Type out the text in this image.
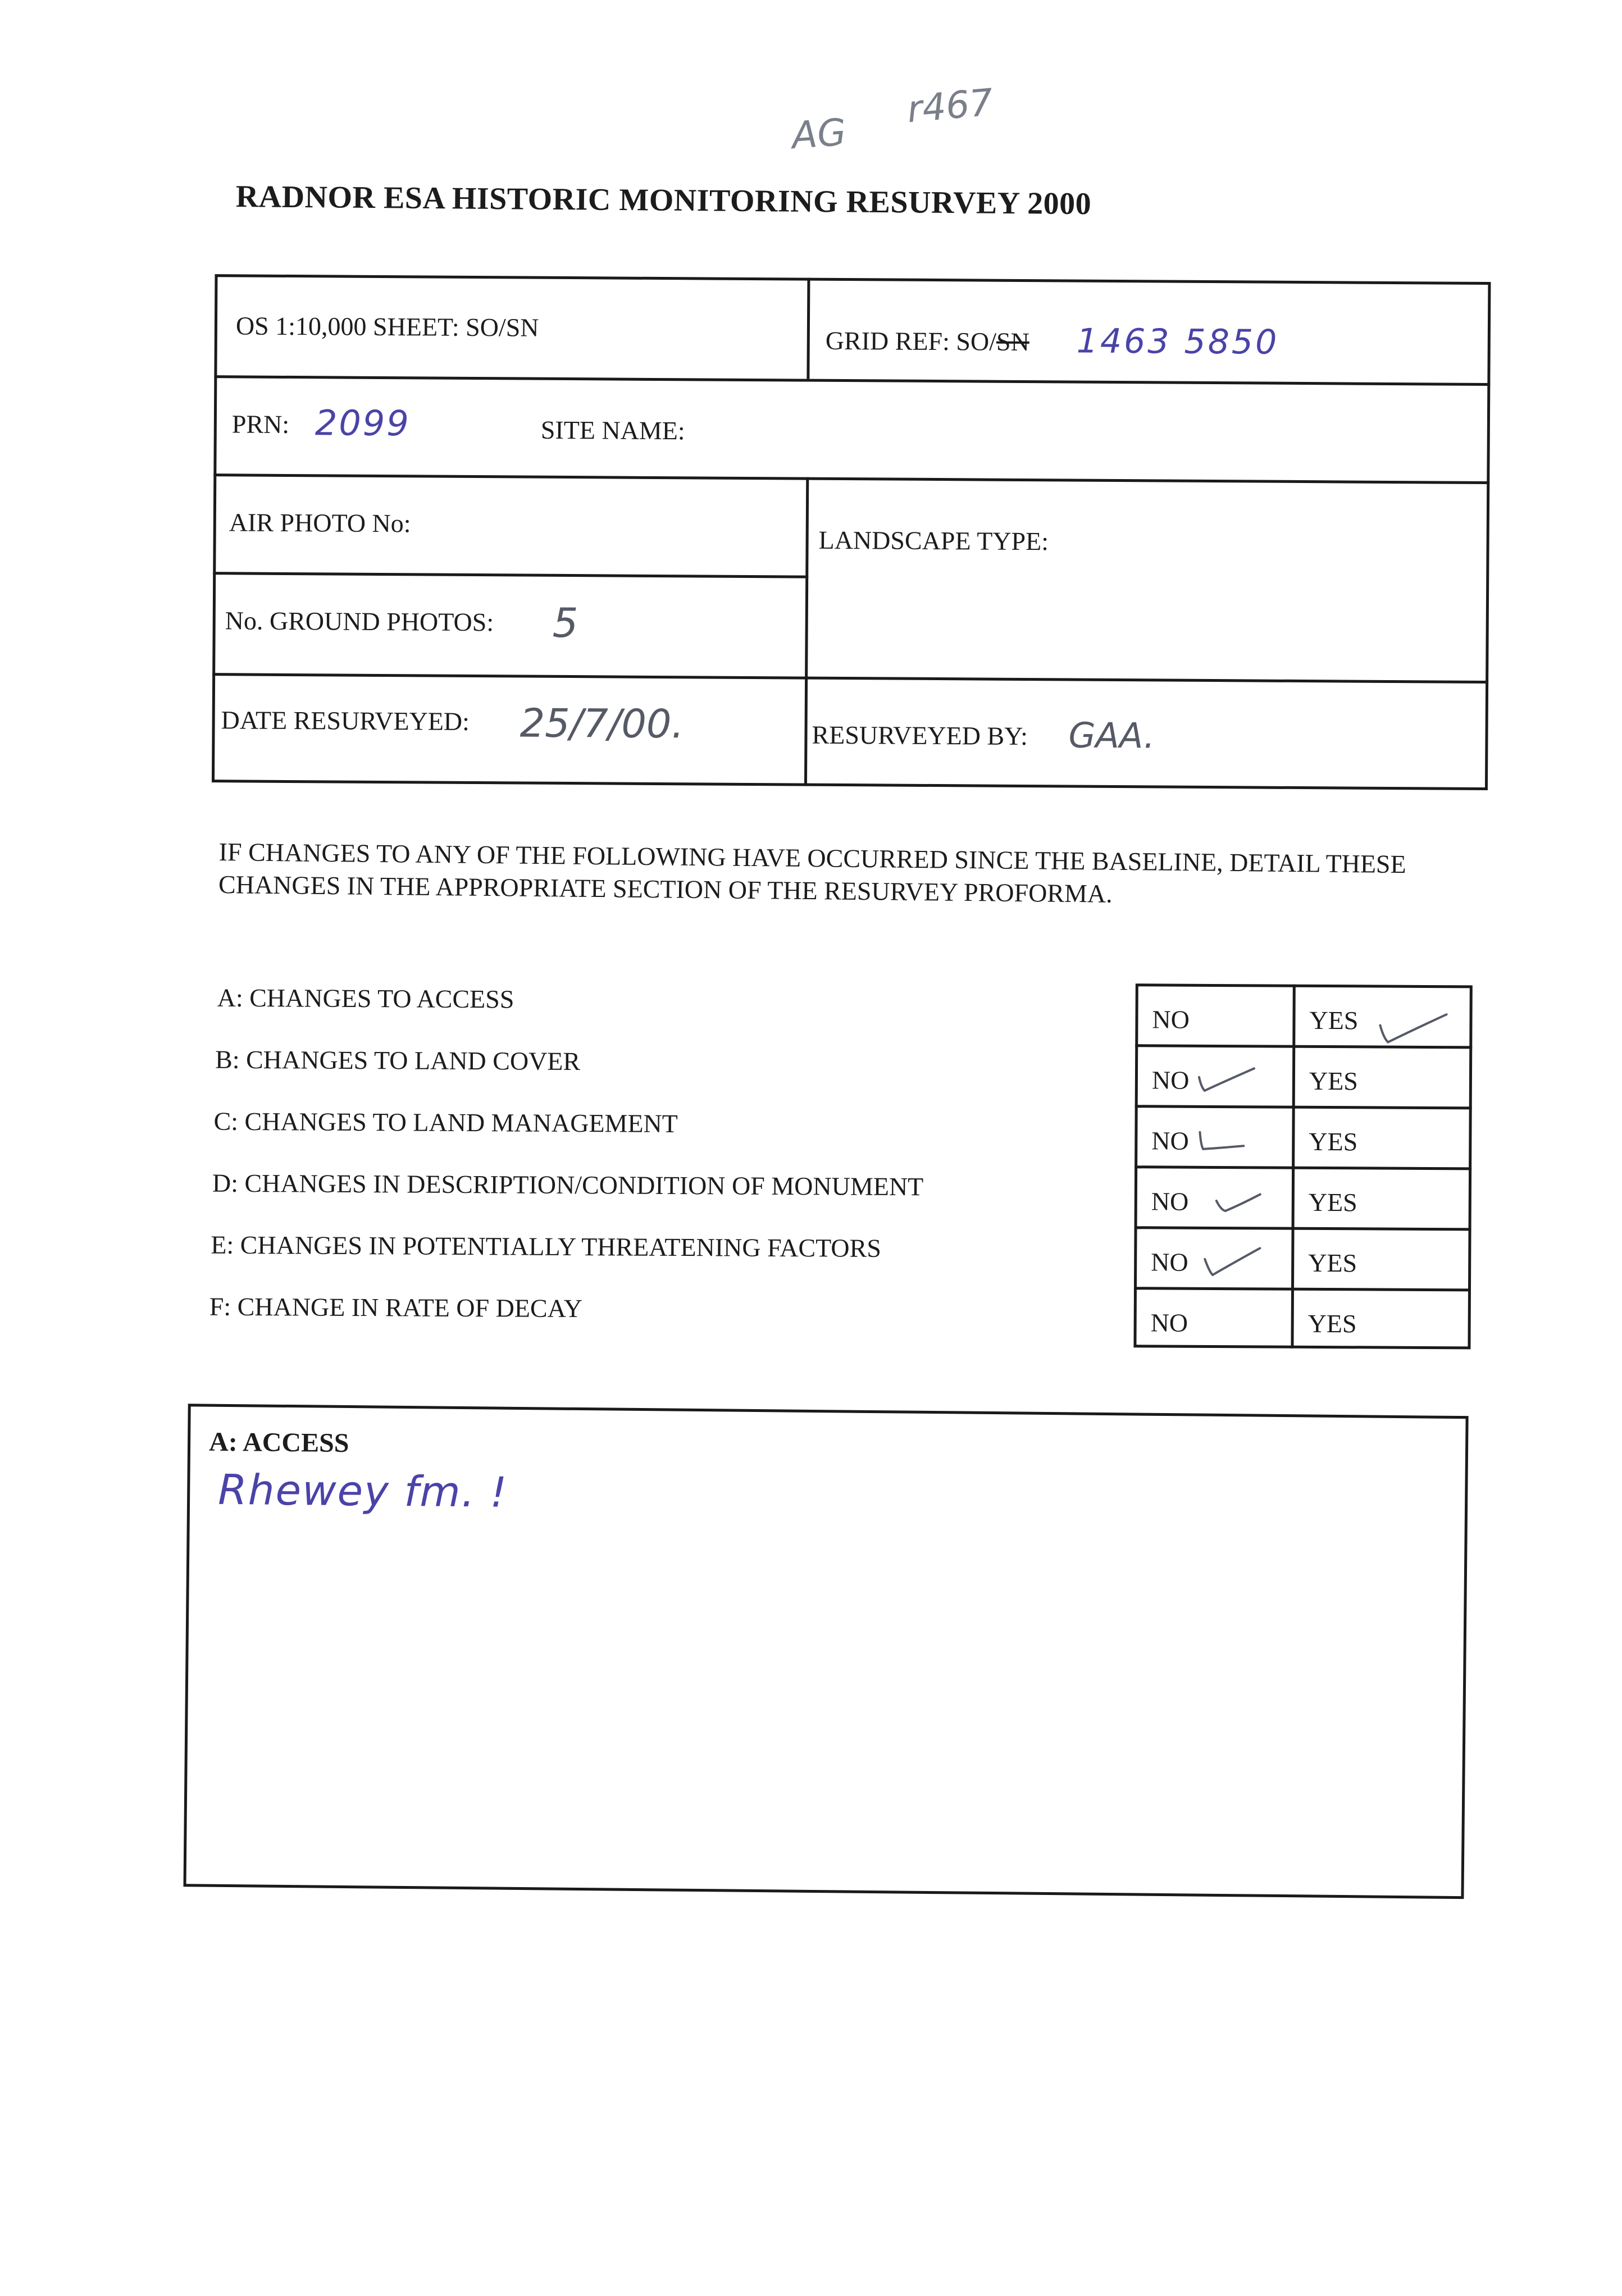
AG
r467
RADNOR ESA HISTORIC MONITORING RESURVEY 2000
OS 1:10,000 SHEET: SO/SN	GRID REF: SO/SN 1463 5850
PRN: 2099	SITE NAME:
AIR PHOTO No:
LANDSCAPE TYPE:
No. GROUND PHOTOS: 5
DATE RESURVEYED: 25/7/00.	RESURVEYED BY: GAA.
IF CHANGES TO ANY OF THE FOLLOWING HAVE OCCURRED SINCE THE BASELINE, DETAIL THESE CHANGES IN THE APPROPRIATE SECTION OF THE RESURVEY PROFORMA.
A: CHANGES TO ACCESS
B: CHANGES TO LAND COVER
C: CHANGES TO LAND MANAGEMENT
D: CHANGES IN DESCRIPTION/CONDITION OF MONUMENT
E: CHANGES IN POTENTIALLY THREATENING FACTORS
F: CHANGE IN RATE OF DECAY
NO	YES
NO	YES
NO	YES
NO	YES
NO	YES
NO	YES
A: ACCESS
Rhewey fm. !
